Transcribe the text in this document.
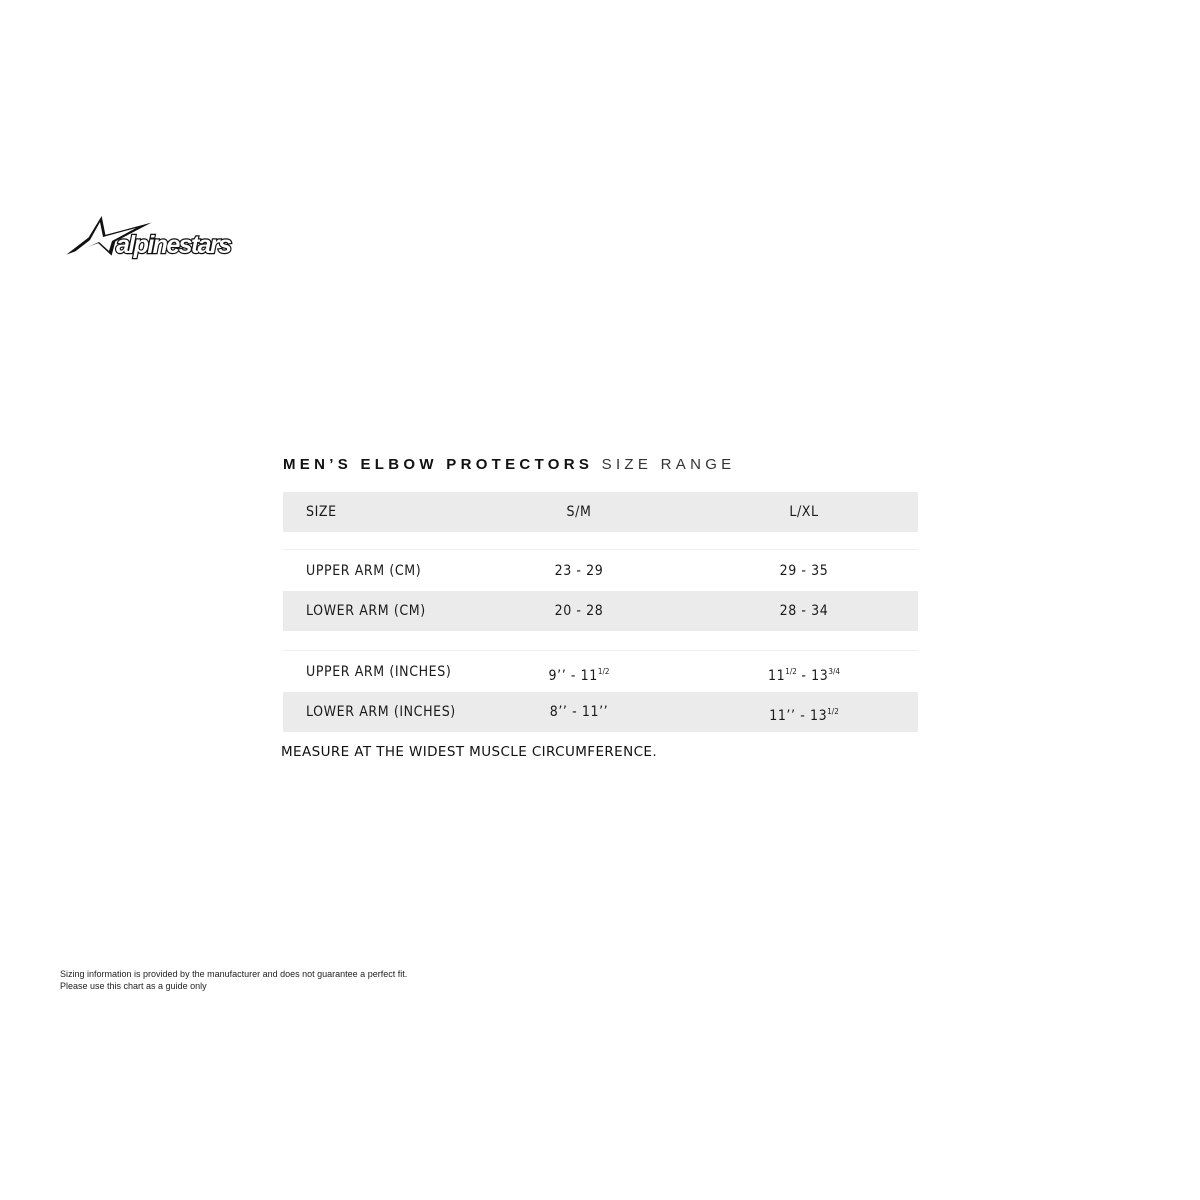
alpinestars
MEN’S ELBOW PROTECTORS SIZE RANGE
SIZE	S/M	L/XL
UPPER ARM (CM)	23 - 29	29 - 35
LOWER ARM (CM)	20 - 28	28 - 34
UPPER ARM (INCHES)	9’’ - $11^{1/2}$	$11^{1/2} - 13^{3/4}$
LOWER ARM (INCHES)	8’’ - 11’’	11’’ - $13^{1/2}$
MEASURE AT THE WIDEST MUSCLE CIRCUMFERENCE.
Sizing information is provided by the manufacturer and does not guarantee a perfect fit.
Please use this chart as a guide only
